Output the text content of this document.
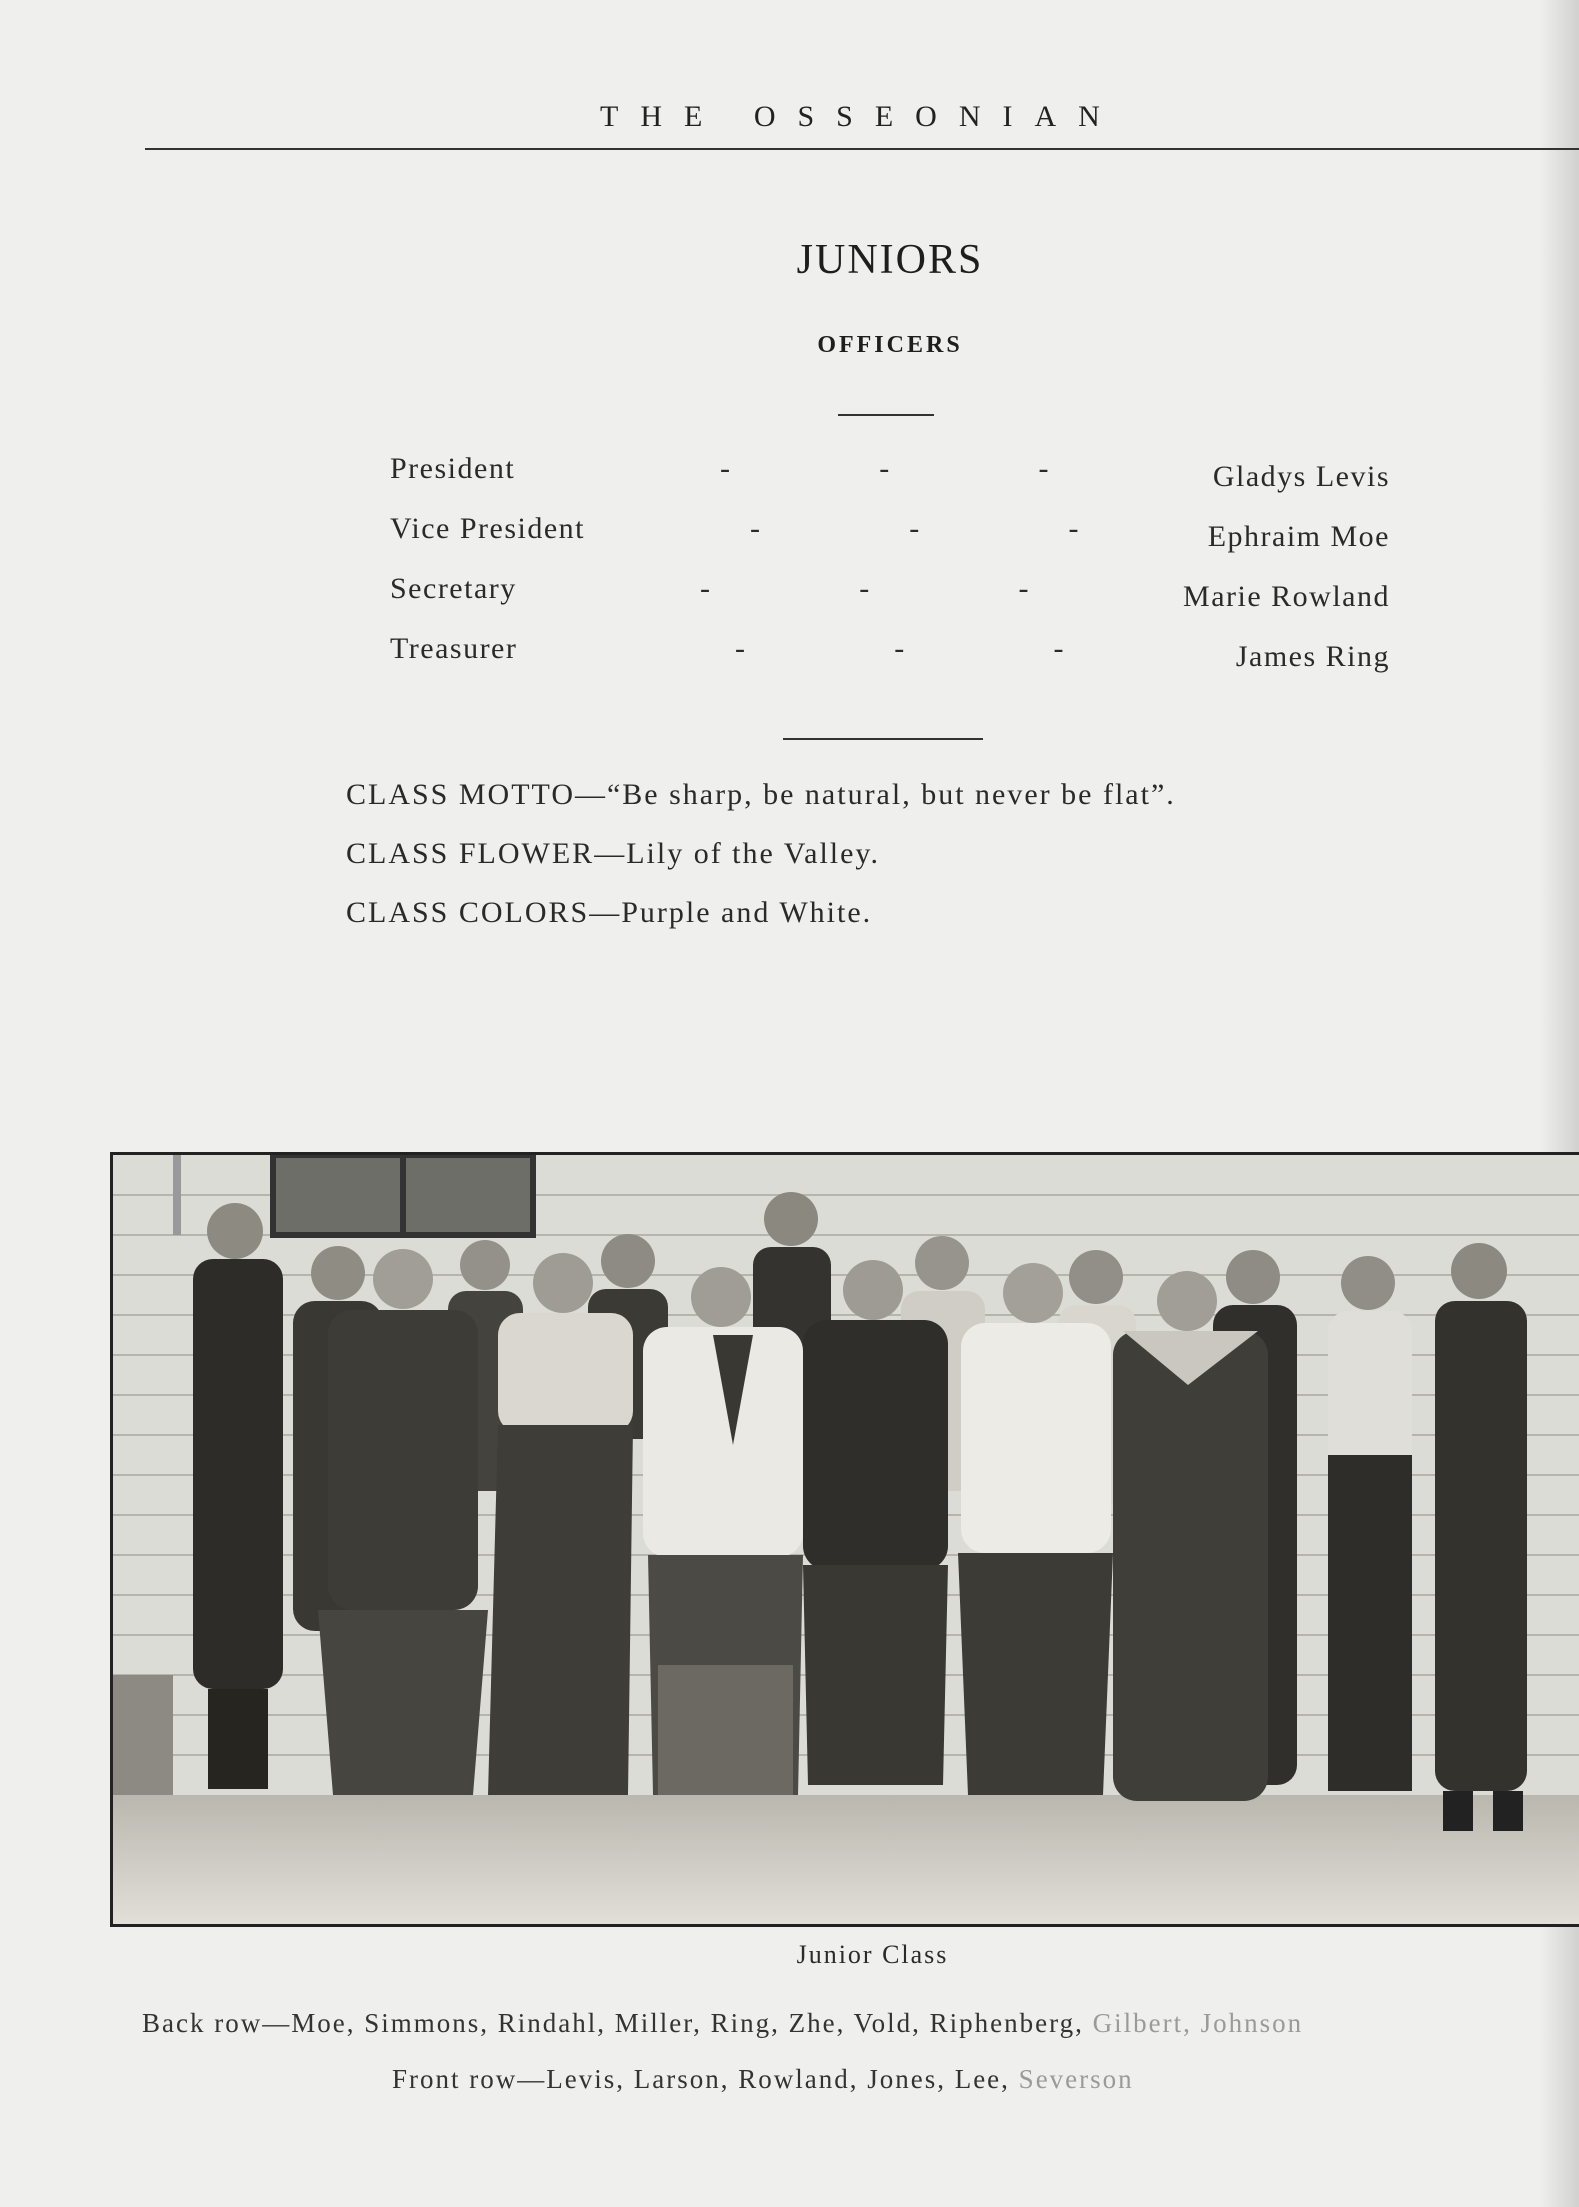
THE OSSEONIAN
JUNIORS
OFFICERS
President	-	-	-	Gladys Levis
Vice President	-	-	-	Ephraim Moe
Secretary	-	-	-	Marie Rowland
Treasurer	-	-	-	James Ring
CLASS MOTTO—“Be sharp, be natural, but never be flat”.
CLASS FLOWER—Lily of the Valley.
CLASS COLORS—Purple and White.
Junior Class
Back row—Moe, Simmons, Rindahl, Miller, Ring, Zhe, Vold, Riphenberg, Gilbert, Johnson
Front row—Levis, Larson, Rowland, Jones, Lee, Severson
